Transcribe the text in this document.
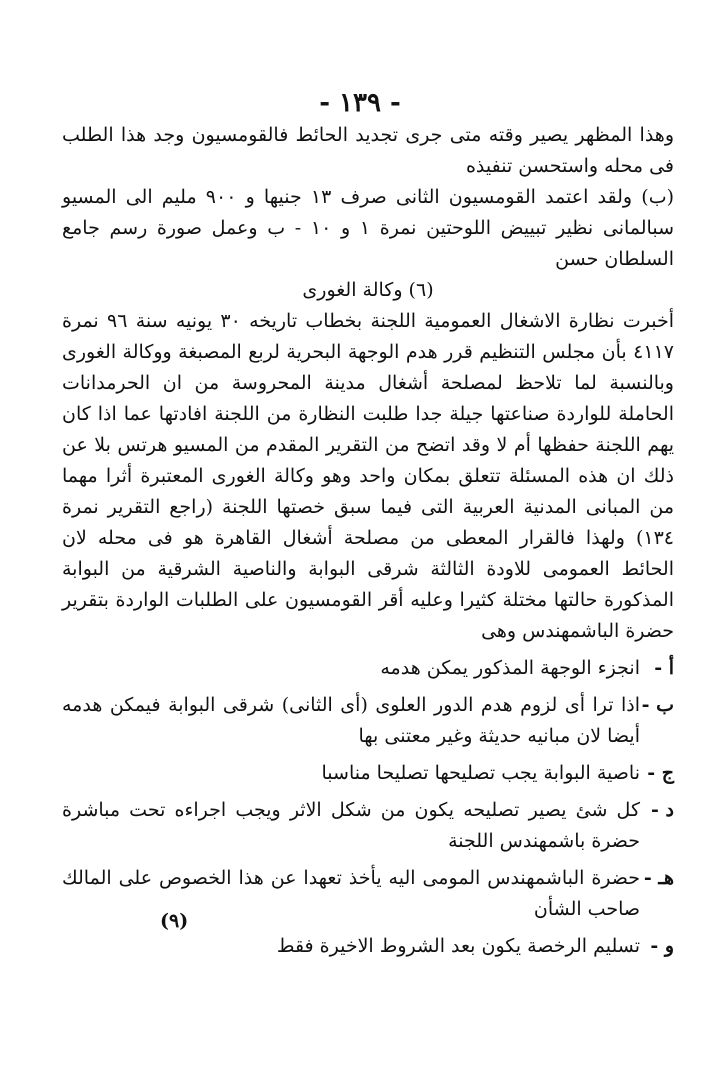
- ١٣٩ -

وهذا المظهر يصير وقته متى جرى تجديد الحائط فالقومسيون وجد هذا الطلب فى محله واستحسن تنفيذه

(ب) ولقد اعتمد القومسيون الثانى صرف ١٣ جنيها و ٩٠٠ مليم الى المسيو سبالمانى نظير تبييض اللوحتين نمرة ١ و ١٠ - ب وعمل صورة رسم جامع السلطان حسن

(٦) وكالة الغورى

أخبرت نظارة الاشغال العمومية اللجنة بخطاب تاريخه ٣٠ يونيه سنة ٩٦ نمرة ٤١١٧ بأن مجلس التنظيم قرر هدم الوجهة البحرية لربع المصبغة ووكالة الغورى وبالنسبة لما تلاحظ لمصلحة أشغال مدينة المحروسة من ان الحرمدانات الحاملة للواردة صناعتها جيلة جدا طلبت النظارة من اللجنة افادتها عما اذا كان يهم اللجنة حفظها أم لا وقد اتضح من التقرير المقدم من المسيو هرتس بلا عن ذلك ان هذه المسئلة تتعلق بمكان واحد وهو وكالة الغورى المعتبرة أثرا مهما من المبانى المدنية العربية التى فيما سبق خصتها اللجنة (راجع التقرير نمرة ١٣٤) ولهذا فالقرار المعطى من مصلحة أشغال القاهرة هو فى محله لان الحائط العمومى للاودة الثالثة شرقى البوابة والناصية الشرقية من البوابة المذكورة حالتها مختلة كثيرا وعليه أقر القومسيون على الطلبات الواردة بتقرير حضرة الباشمهندس وهى

أ -
انجزء الوجهة المذكور يمكن هدمه
ب -
اذا ترا أى لزوم هدم الدور العلوى (أى الثانى) شرقى البوابة فيمكن هدمه أيضا لان مبانيه حديثة وغير معتنى بها
ج -
ناصية البوابة يجب تصليحها تصليحا مناسبا
د -
كل شئ يصير تصليحه يكون من شكل الاثر ويجب اجراءه تحت مباشرة حضرة باشمهندس اللجنة
هـ -
حضرة الباشمهندس المومى اليه يأخذ تعهدا عن هذا الخصوص على المالك صاحب الشأن
و -
تسليم الرخصة يكون بعد الشروط الاخيرة فقط
(٩)
